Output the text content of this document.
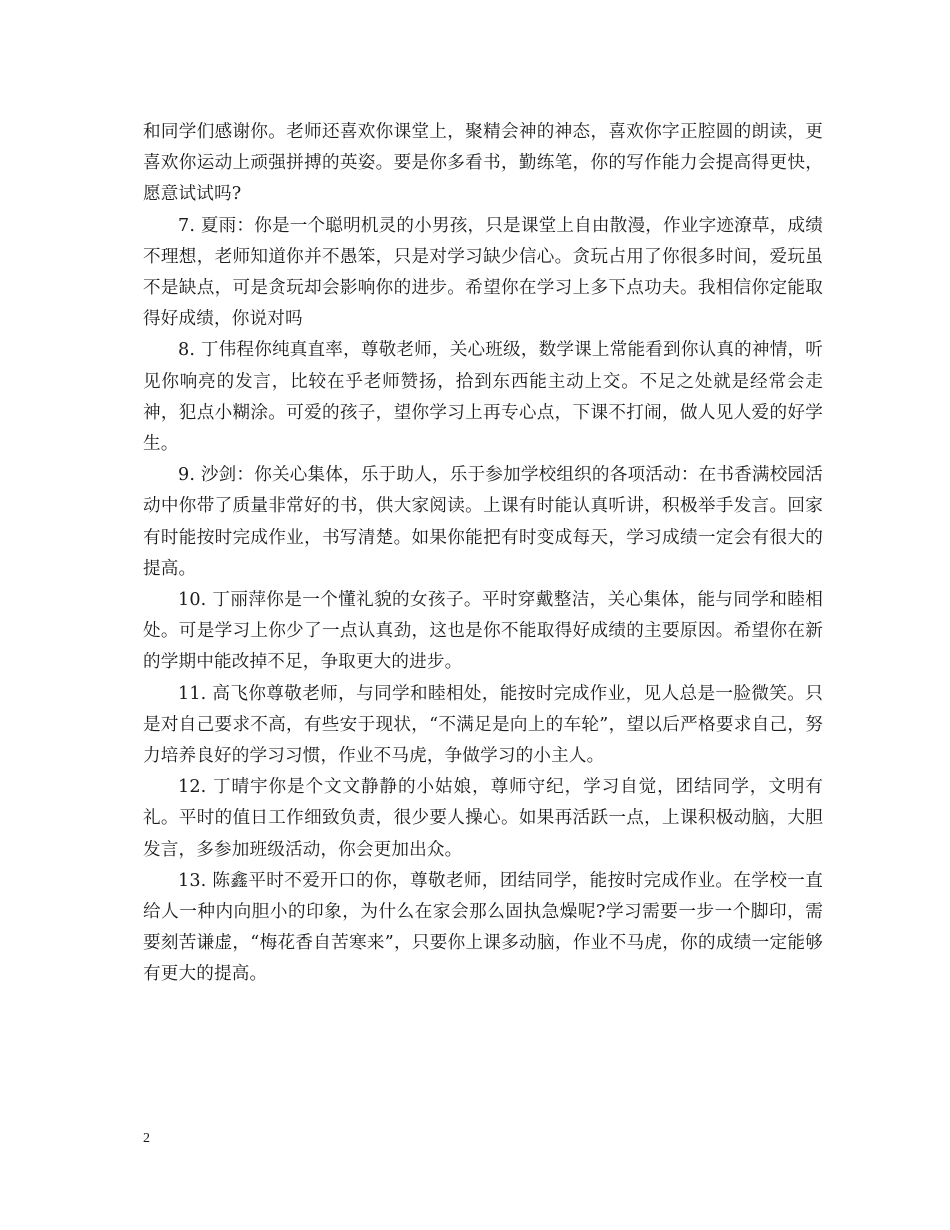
和同学们感谢你。老师还喜欢你课堂上，聚精会神的神态，喜欢你字正腔圆的朗读，更喜欢你运动上顽强拼搏的英姿。要是你多看书，勤练笔，你的写作能力会提高得更快，愿意试试吗?

7. 夏雨：你是一个聪明机灵的小男孩，只是课堂上自由散漫，作业字迹潦草，成绩不理想，老师知道你并不愚笨，只是对学习缺少信心。贪玩占用了你很多时间，爱玩虽不是缺点，可是贪玩却会影响你的进步。希望你在学习上多下点功夫。我相信你定能取得好成绩，你说对吗

8. 丁伟程你纯真直率，尊敬老师，关心班级，数学课上常能看到你认真的神情，听见你响亮的发言，比较在乎老师赞扬，拾到东西能主动上交。不足之处就是经常会走神，犯点小糊涂。可爱的孩子，望你学习上再专心点，下课不打闹，做人见人爱的好学生。

9. 沙剑：你关心集体，乐于助人，乐于参加学校组织的各项活动：在书香满校园活动中你带了质量非常好的书，供大家阅读。上课有时能认真听讲，积极举手发言。回家有时能按时完成作业，书写清楚。如果你能把有时变成每天，学习成绩一定会有很大的提高。

10. 丁丽萍你是一个懂礼貌的女孩子。平时穿戴整洁，关心集体，能与同学和睦相处。可是学习上你少了一点认真劲，这也是你不能取得好成绩的主要原因。希望你在新的学期中能改掉不足，争取更大的进步。

11. 高飞你尊敬老师，与同学和睦相处，能按时完成作业，见人总是一脸微笑。只是对自己要求不高，有些安于现状，“不满足是向上的车轮”，望以后严格要求自己，努力培养良好的学习习惯，作业不马虎，争做学习的小主人。

12. 丁晴宇你是个文文静静的小姑娘，尊师守纪，学习自觉，团结同学，文明有礼。平时的值日工作细致负责，很少要人操心。如果再活跃一点，上课积极动脑，大胆发言，多参加班级活动，你会更加出众。

13. 陈鑫平时不爱开口的你，尊敬老师，团结同学，能按时完成作业。在学校一直给人一种内向胆小的印象，为什么在家会那么固执急燥呢?学习需要一步一个脚印，需要刻苦谦虚，“梅花香自苦寒来”，只要你上课多动脑，作业不马虎，你的成绩一定能够有更大的提高。

2
